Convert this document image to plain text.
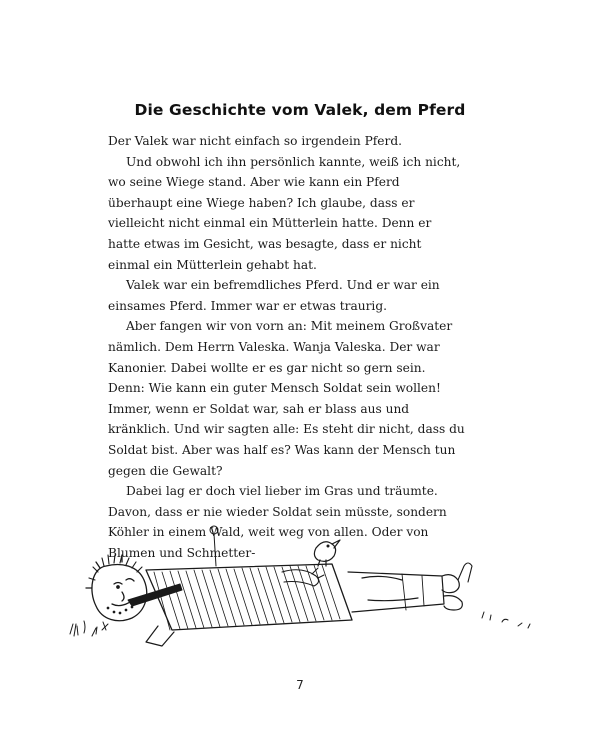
Die Geschichte vom Valek, dem Pferd

Der Valek war nicht einfach so irgendein Pferd.

Und obwohl ich ihn persönlich kannte, weiß ich nicht, wo seine Wiege stand. Aber wie kann ein Pferd überhaupt eine Wiege haben? Ich glaube, dass er vielleicht nicht einmal ein Mütterlein hatte. Denn er hatte etwas im Gesicht, was besagte, dass er nicht einmal ein Mütterlein gehabt hat.

Valek war ein befremdliches Pferd. Und er war ein einsames Pferd. Immer war er etwas traurig.

Aber fangen wir von vorn an: Mit meinem Großvater nämlich. Dem Herrn Valeska. Wanja Valeska. Der war Kanonier. Dabei wollte er es gar nicht so gern sein. Denn: Wie kann ein guter Mensch Soldat sein wollen! Immer, wenn er Soldat war, sah er blass aus und kränklich. Und wir sagten alle: Es steht dir nicht, dass du Soldat bist. Aber was half es? Was kann der Mensch tun gegen die Gewalt?

Dabei lag er doch viel lieber im Gras und träumte. Davon, dass er nie wieder Soldat sein müsste, sondern Köhler in einem Wald, weit weg von allen. Oder von Blumen und Schmetter-

7
